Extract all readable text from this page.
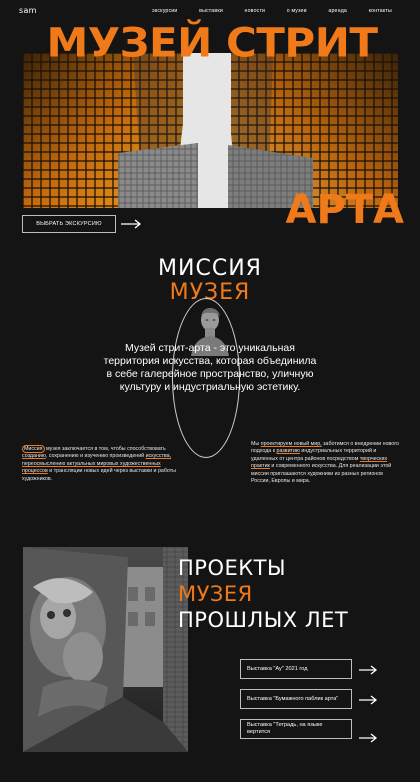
sam	экскурсии	выставки	новости	о музеи	аренда	контакты
МУЗЕЙ СТРИТ
АРТА
ВЫБРАТЬ ЭКСКУРСИЮ
МИССИЯ
МУЗЕЯ
Музей стрит-арта - это уникальная территория искусства, которая объединила в себе галерейное пространство, уличную культуру и индустриальную эстетику.
Миссия музея заключается в том, чтобы способствовать созданию, сохранению и изучению произведений искусства, переосмыслению актуальных мировых художественных процессов и трансляции новых идей через выставки и работы художников.
Мы проектируем новый мир, заботимся о внедрении нового подхода к развитию индустриальных территорий и удаленных от центра районов посредством творческих практик и современного искусства. Для реализации этой миссии приглашаются художники из разных регионов России, Европы и мира.
ПРОЕКТЫ
МУЗЕЯ
ПРОШЛЫХ ЛЕТ
Выставка "Ау" 2021 год
Выставка "Бумажного паблик арта"
Выставка "Тетрадь, на языке вертится
